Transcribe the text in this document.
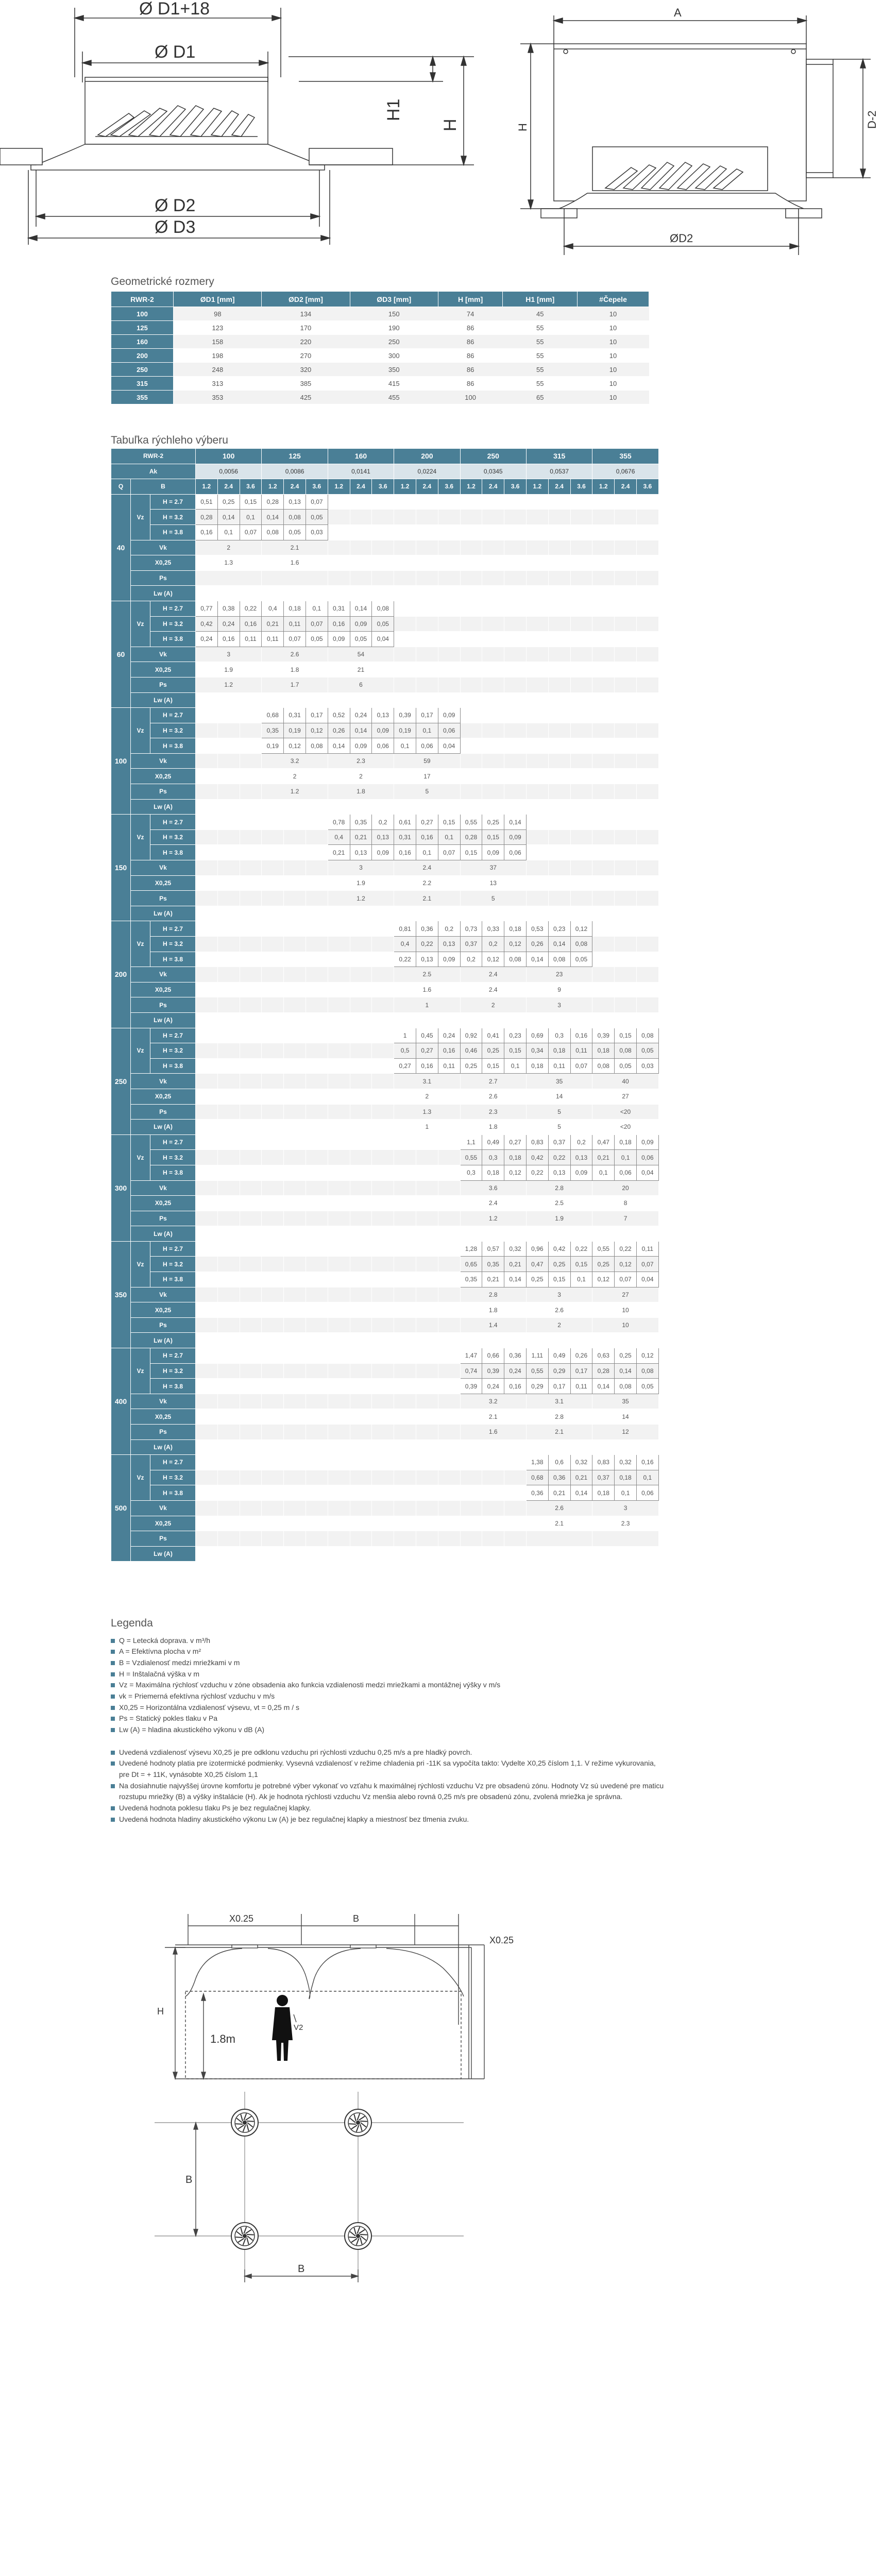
Ø D1+18
Ø D1
Ø D2
Ø D3
H1
H
A
H	D-2
ØD2
Geometrické rozmery
RWR-2	ØD1 [mm]	ØD2 [mm]	ØD3 [mm]	H [mm]	H1 [mm]	#Čepele
100	98	134	150	74	45	10
125	123	170	190	86	55	10
160	158	220	250	86	55	10
200	198	270	300	86	55	10
250	248	320	350	86	55	10
315	313	385	415	86	55	10
355	353	425	455	100	65	10
Tabuľka rýchleho výberu
RWR-2			100			125			160			200			250			315			355		
Ak			0,0056			0,0086			0,0141			0,0224			0,0345			0,0537			0,0676		
Q	B		1.2	2.4	3.6	1.2	2.4	3.6	1.2	2.4	3.6	1.2	2.4	3.6	1.2	2.4	3.6	1.2	2.4	3.6	1.2	2.4	3.6
40	Vz	H = 2.7	0,51	0,25	0,15	0,28	0,13	0,07															
		H = 3.2	0,28	0,14	0,1	0,14	0,08	0,05															
		H = 3.8	0,16	0,1	0,07	0,08	0,05	0,03															
	Vk		2			2.1																	
	X0,25		1.3			1.6																	
	Ps																						
	Lw (A)																						
60	Vz	H = 2.7	0,77	0,38	0,22	0,4	0,18	0,1	0,31	0,14	0,08												
		H = 3.2	0,42	0,24	0,16	0,21	0,11	0,07	0,16	0,09	0,05												
		H = 3.8	0,24	0,16	0,11	0,11	0,07	0,05	0,09	0,05	0,04												
	Vk		3			2.6			54														
	X0,25		1.9			1.8			21														
	Ps		1.2			1.7			6														
	Lw (A)																						
100	Vz	H = 2.7				0,68	0,31	0,17	0,52	0,24	0,13	0,39	0,17	0,09									
		H = 3.2				0,35	0,19	0,12	0,26	0,14	0,09	0,19	0,1	0,06									
		H = 3.8				0,19	0,12	0,08	0,14	0,09	0,06	0,1	0,06	0,04									
	Vk					3.2			2.3			59											
	X0,25					2			2			17											
	Ps					1.2			1.8			5											
	Lw (A)																						
150	Vz	H = 2.7							0,78	0,35	0,2	0,61	0,27	0,15	0,55	0,25	0,14						
		H = 3.2							0,4	0,21	0,13	0,31	0,16	0,1	0,28	0,15	0,09						
		H = 3.8							0,21	0,13	0,09	0,16	0,1	0,07	0,15	0,09	0,06						
	Vk								3			2.4			37								
	X0,25								1.9			2.2			13								
	Ps								1.2			2.1			5								
	Lw (A)																						
200	Vz	H = 2.7										0,81	0,36	0,2	0,73	0,33	0,18	0,53	0,23	0,12			
		H = 3.2										0,4	0,22	0,13	0,37	0,2	0,12	0,26	0,14	0,08			
		H = 3.8										0,22	0,13	0,09	0,2	0,12	0,08	0,14	0,08	0,05			
	Vk											2.5			2.4			23					
	X0,25											1.6			2.4			9					
	Ps											1			2			3					
	Lw (A)																						
250	Vz	H = 2.7										1	0,45	0,24	0,92	0,41	0,23	0,69	0,3	0,16	0,39	0,15	0,08
		H = 3.2										0,5	0,27	0,16	0,46	0,25	0,15	0,34	0,18	0,11	0,18	0,08	0,05
		H = 3.8										0,27	0,16	0,11	0,25	0,15	0,1	0,18	0,11	0,07	0,08	0,05	0,03
	Vk											3.1			2.7			35			40		
	X0,25											2			2.6			14			27		
	Ps											1.3			2.3			5			<20		
	Lw (A)											1			1.8			5			<20		
300	Vz	H = 2.7													1,1	0,49	0,27	0,83	0,37	0,2	0,47	0,18	0,09
		H = 3.2													0,55	0,3	0,18	0,42	0,22	0,13	0,21	0,1	0,06
		H = 3.8													0,3	0,18	0,12	0,22	0,13	0,09	0,1	0,06	0,04
	Vk														3.6			2.8			20		
	X0,25														2.4			2.5			8		
	Ps														1.2			1.9			7		
	Lw (A)																						
350	Vz	H = 2.7													1,28	0,57	0,32	0,96	0,42	0,22	0,55	0,22	0,11
		H = 3.2													0,65	0,35	0,21	0,47	0,25	0,15	0,25	0,12	0,07
		H = 3.8													0,35	0,21	0,14	0,25	0,15	0,1	0,12	0,07	0,04
	Vk														2.8			3			27		
	X0,25														1.8			2.6			10		
	Ps														1.4			2			10		
	Lw (A)																						
400	Vz	H = 2.7													1,47	0,66	0,36	1,11	0,49	0,26	0,63	0,25	0,12
		H = 3.2													0,74	0,39	0,24	0,55	0,29	0,17	0,28	0,14	0,08
		H = 3.8													0,39	0,24	0,16	0,29	0,17	0,11	0,14	0,08	0,05
	Vk														3.2			3.1			35		
	X0,25														2.1			2.8			14		
	Ps														1.6			2.1			12		
	Lw (A)																						
500	Vz	H = 2.7																1,38	0,6	0,32	0,83	0,32	0,16
		H = 3.2																0,68	0,36	0,21	0,37	0,18	0,1
		H = 3.8																0,36	0,21	0,14	0,18	0,1	0,06
	Vk																	2.6			3		
	X0,25																	2.1			2.3		
	Ps																						
	Lw (A)																						
Legenda
Q = Letecká doprava. v m³/h
A = Efektívna plocha v m²
B = Vzdialenosť medzi mriežkami v m
H = Inštalačná výška v m
Vz = Maximálna rýchlosť vzduchu v zóne obsadenia ako funkcia vzdialenosti medzi mriežkami a montážnej výšky v m/s
vk = Priemerná efektívna rýchlosť vzduchu v m/s
X0,25 = Horizontálna vzdialenosť výsevu, vt = 0,25 m / s
Ps = Statický pokles tlaku v Pa
Lw (A) = hladina akustického výkonu v dB (A)
Uvedená vzdialenosť výsevu X0,25 je pre odklonu vzduchu pri rýchlosti vzduchu 0,25 m/s a pre hladký povrch.
Uvedené hodnoty platia pre izotermické podmienky. Vysevná vzdialenosť v režime chladenia pri -11K sa vypočíta takto: Vydelte X0,25 číslom 1,1. V režime vykurovania, pre Dt = + 11K, vynásobte X0,25 číslom 1,1
Na dosiahnutie najvyššej úrovne komfortu je potrebné výber vykonať vo vzťahu k maximálnej rýchlosti vzduchu Vz pre obsadenú zónu. Hodnoty Vz sú uvedené pre maticu rozstupu mriežky (B) a výšky inštalácie (H). Ak je hodnota rýchlosti vzduchu Vz menšia alebo rovná 0,25 m/s pre obsadenú zónu, zvolená mriežka je správna.
Uvedená hodnota poklesu tlaku Ps je bez regulačnej klapky.
Uvedená hodnota hladiny akustického výkonu Lw (A) je bez regulačnej klapky a miestnosť bez tlmenia zvuku.
X0.25	B
X0.25
H
1.8m
V2
B
B
